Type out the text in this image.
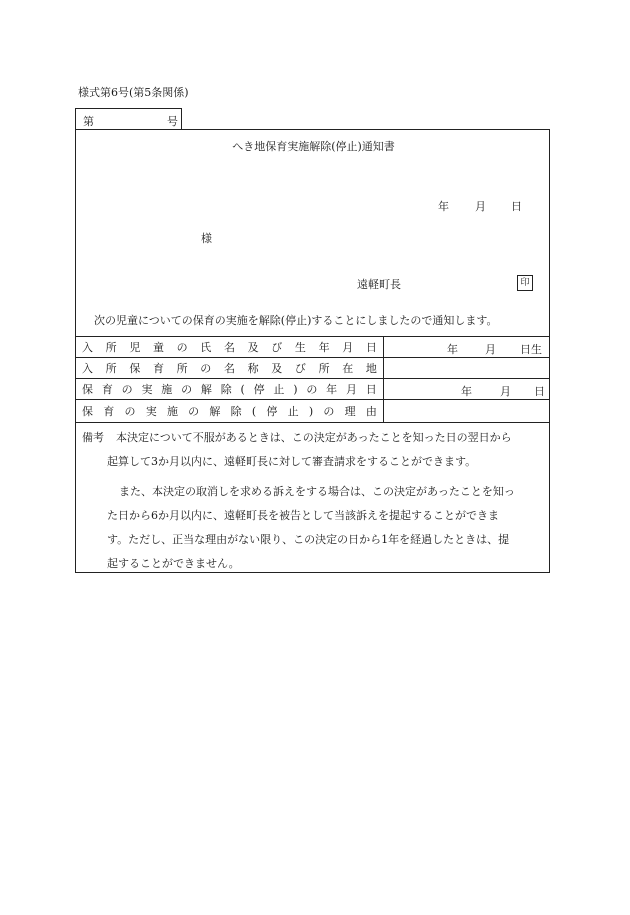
様式第6号(第5条関係)
第	号
へき地保育実施解除(停止)通知書
年 月 日
様
遠軽町長	印
次の児童についての保育の実施を解除(停止)することにしましたので通知します。
入 所 児 童 の 氏 名 及 び 生 年 月 日	年 月 日生
入 所 保 育 所 の 名 称 及 び 所 在 地
保 育 の 実 施 の 解 除 ( 停 止 ) の 年 月 日	年	月 日
保 育 の 実 施 の 解 除 ( 停 止 ) の 理 由
備考 本決定について不服があるときは、この決定があったことを知った日の翌日から
起算して3か月以内に、遠軽町長に対して審査請求をすることができます。
また、本決定の取消しを求める訴えをする場合は、この決定があったことを知っ
た日から6か月以内に、遠軽町長を被告として当該訴えを提起することができま
す。ただし、正当な理由がない限り、この決定の日から1年を経過したときは、提
起することができません。
